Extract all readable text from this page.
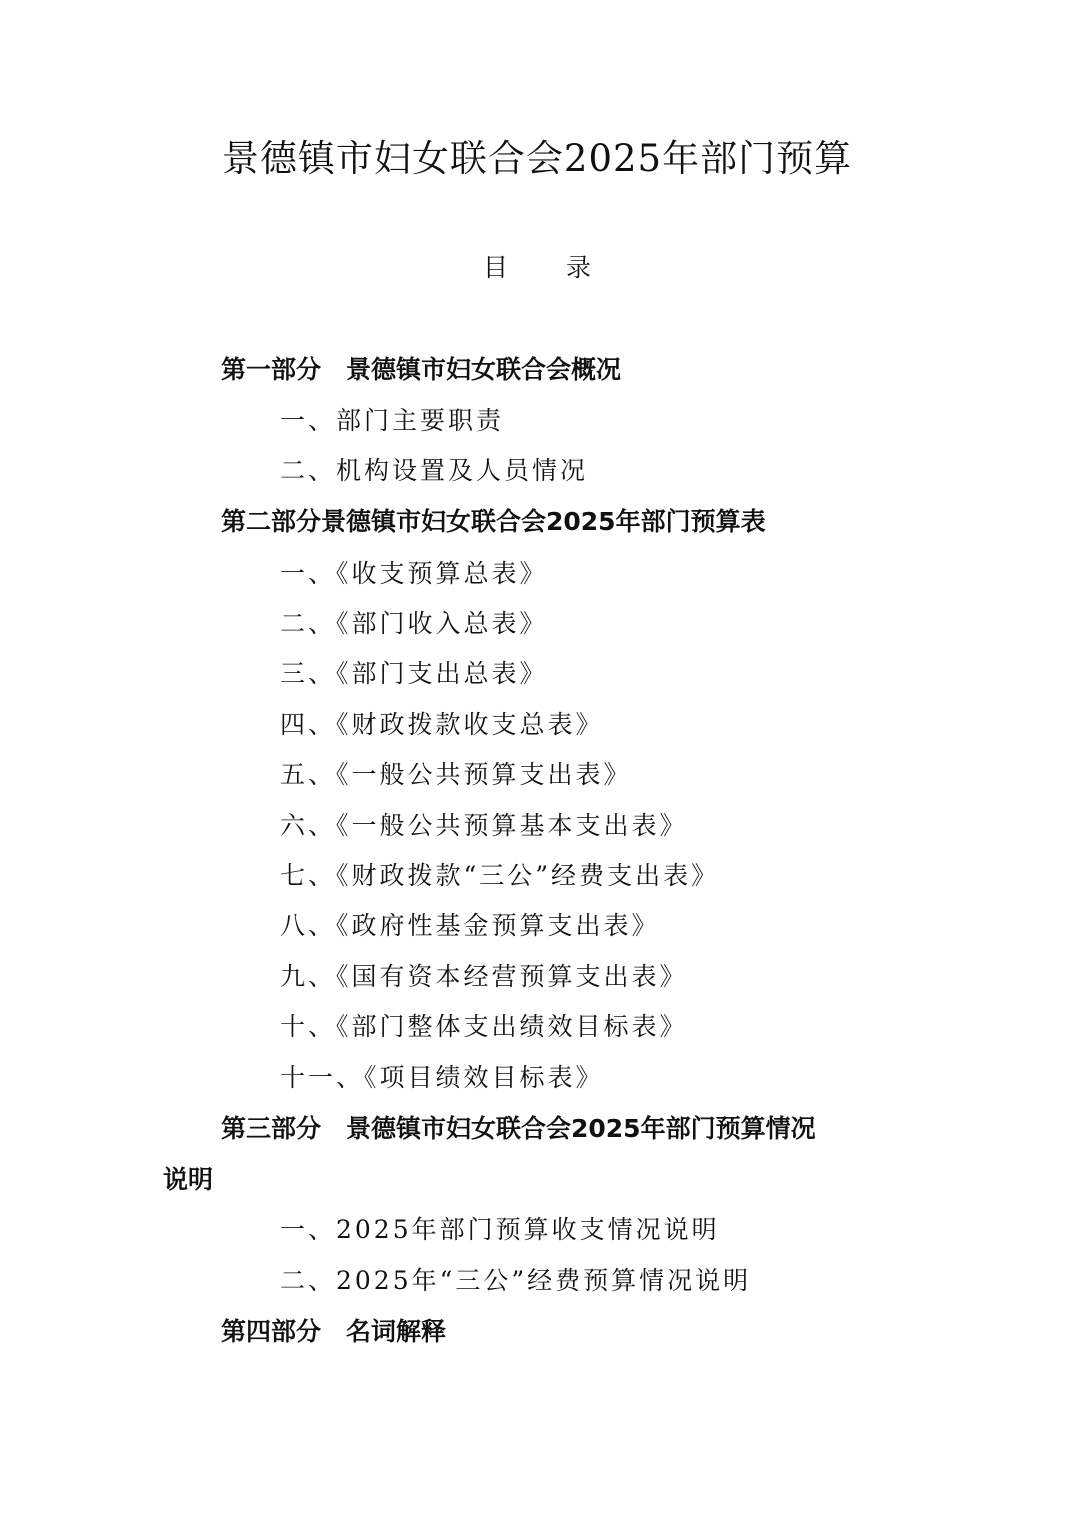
景德镇市妇女联合会2025年部门预算
目录
第一部分　景德镇市妇女联合会概况
一、部门主要职责
二、机构设置及人员情况
第二部分景德镇市妇女联合会2025年部门预算表
一、《收支预算总表》
二、《部门收入总表》
三、《部门支出总表》
四、《财政拨款收支总表》
五、《一般公共预算支出表》
六、《一般公共预算基本支出表》
七、《财政拨款“三公”经费支出表》
八、《政府性基金预算支出表》
九、《国有资本经营预算支出表》
十、《部门整体支出绩效目标表》
十一、《项目绩效目标表》
第三部分　景德镇市妇女联合会2025年部门预算情况
说明
一、2025年部门预算收支情况说明
二、2025年“三公”经费预算情况说明
第四部分　名词解释
